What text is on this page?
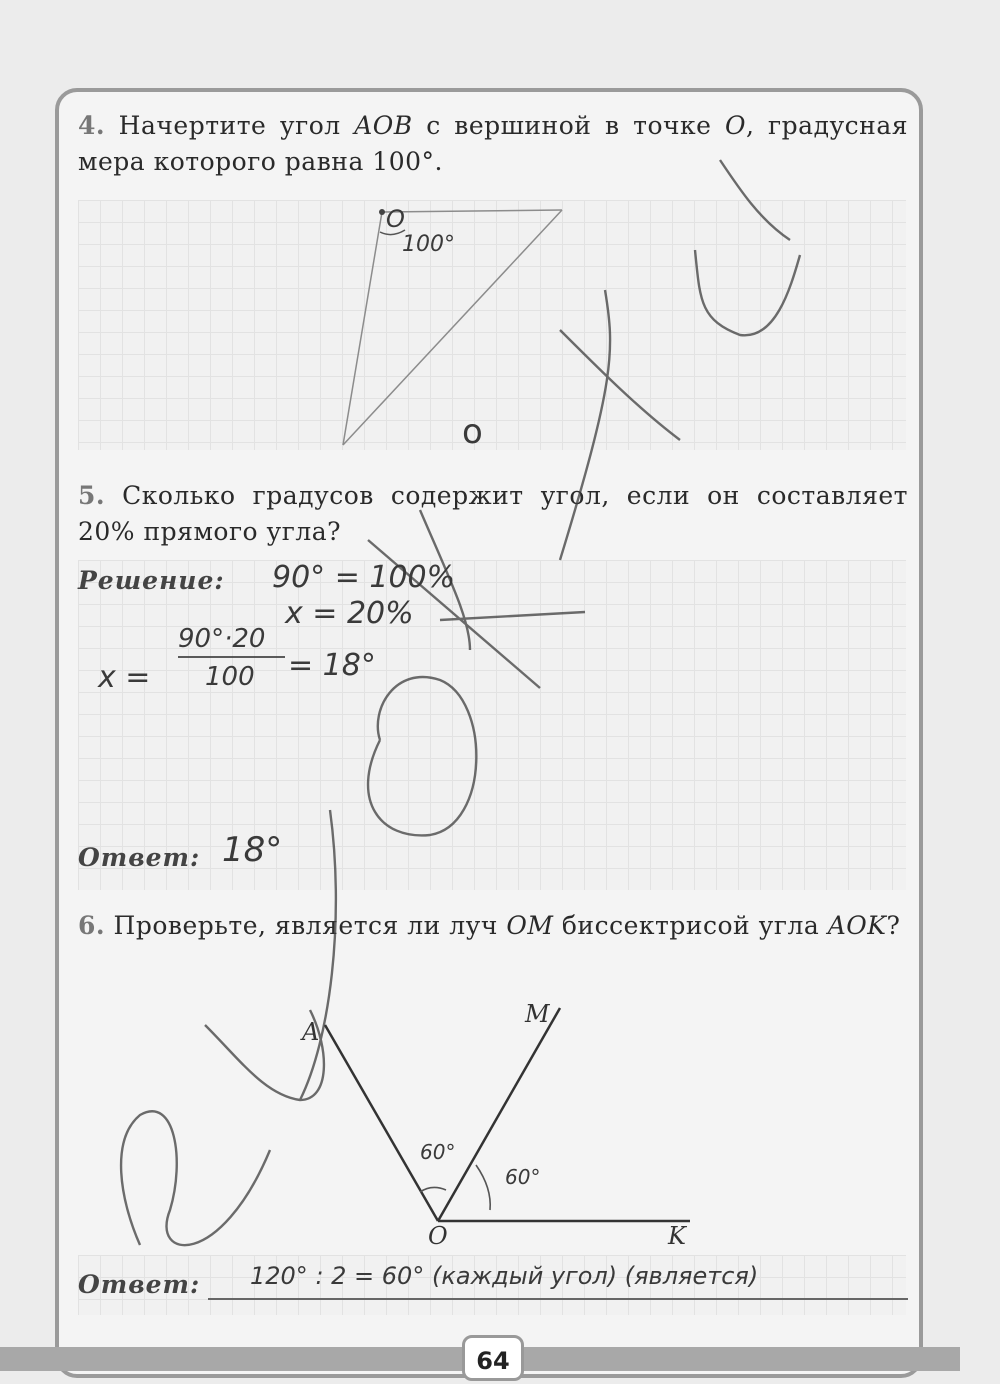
4. Начертите угол AOB с вершиной в точке O, градусная мера которого равна 100°.
5. Сколько градусов содержит угол, если он составляет 20% прямого угла?
Решение:
6. Проверьте, является ли луч OM биссектрисой угла AOK?
Ответ:
Ответ:
O
100°
90° = 100%
x = 20%
x =
90°·20
100 = 18°
18°
A
M
O	K
60°
60°
120° : 2 = 60° (каждый угол) (является)
o
64
